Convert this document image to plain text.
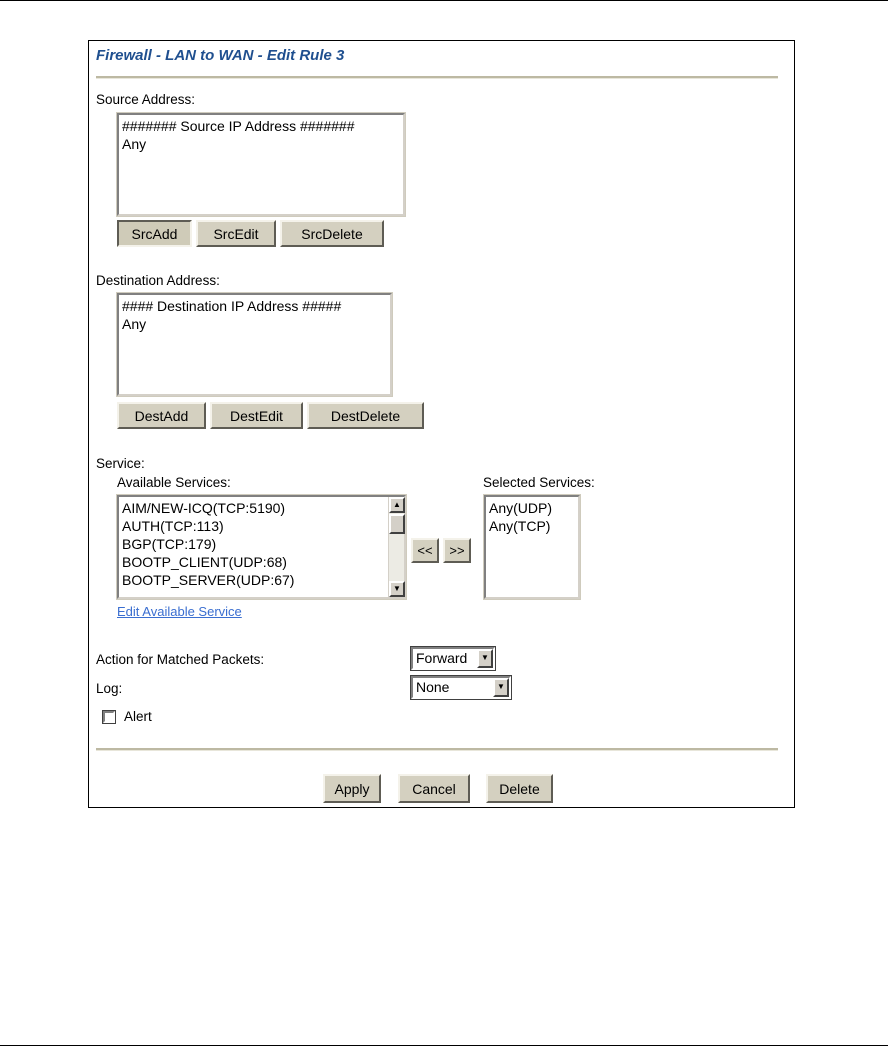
Firewall - LAN to WAN - Edit Rule 3
Source Address:
####### Source IP Address #######
Any
SrcAdd	SrcEdit	SrcDelete
Destination Address:
#### Destination IP Address #####
Any
DestAdd	DestEdit	DestDelete
Service:
Available Services:
AIM/NEW-ICQ(TCP:5190)
AUTH(TCP:113)
BGP(TCP:179)
BOOTP_CLIENT(UDP:68)
BOOTP_SERVER(UDP:67)
▲
▼
<<	>>
Selected Services:
Any(UDP)
Any(TCP)
Edit Available Service
Action for Matched Packets:	Forward	▼
Log:	None	▼
Alert
Apply	Cancel	Delete
